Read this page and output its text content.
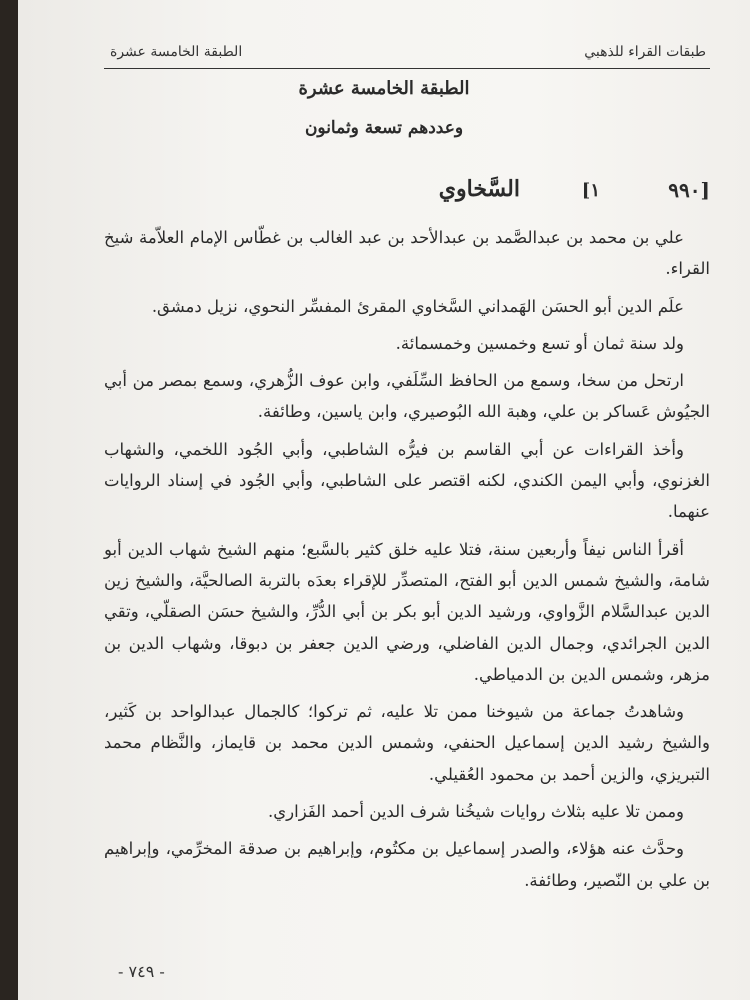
طبقات القراء للذهبي
الطبقة الخامسة عشرة
الطبقة الخامسة عشرة
وعددهم تسعة وثمانون
[٩٩٠
١]
السَّخاوي

علي بن محمد بن عبدالصَّمد بن عبدالأحد بن عبد الغالب بن غطّاس الإمام العلاّمة شيخ القراء.

علَم الدين أبو الحسَن الهَمداني السَّخاوي المقرئ المفسِّر النحوي، نزيل دمشق.

ولد سنة ثمان أو تسع وخمسين وخمسمائة.

ارتحل من سخا، وسمع من الحافظ السِّلَفي، وابن عوف الزُّهري، وسمع بمصر من أبي الجيُوش عَساكر بن علي، وهبة الله البُوصيري، وابن ياسين، وطائفة.

وأخذ القراءات عن أبي القاسم بن فيرُّه الشاطبي، وأبي الجُود اللخمي، والشهاب الغزنوي، وأبي اليمن الكندي، لكنه اقتصر على الشاطبي، وأبي الجُود في إسناد الروايات عنهما.

أقرأ الناس نيفاً وأربعين سنة، فتلا عليه خلق كثير بالسَّبع؛ منهم الشيخ شهاب الدين أبو شامة، والشيخ شمس الدين أبو الفتح، المتصدِّر للإقراء بعدَه بالتربة الصالحيَّة، والشيخ زين الدين عبدالسَّلام الزَّواوي، ورشيد الدين أبو بكر بن أبي الدُّرِّ، والشيخ حسَن الصقلّي، وتقي الدين الجرائدي، وجمال الدين الفاضلي، ورضي الدين جعفر بن دبوقا، وشهاب الدين بن مزهر، وشمس الدين بن الدمياطي.

وشاهدتُ جماعة من شيوخنا ممن تلا عليه، ثم تركوا؛ كالجمال عبدالواحد بن كَثير، والشيخ رشيد الدين إسماعيل الحنفي، وشمس الدين محمد بن قايماز، والنَّظام محمد التبريزي، والزين أحمد بن محمود العُقيلي.

وممن تلا عليه بثلاث روايات شيخُنا شرف الدين أحمد الفَزاري.

وحدَّث عنه هؤلاء، والصدر إسماعيل بن مكتُوم، وإبراهيم بن صدقة المخرِّمي، وإبراهيم بن علي بن النّصير، وطائفة.

- ٧٤٩ -
